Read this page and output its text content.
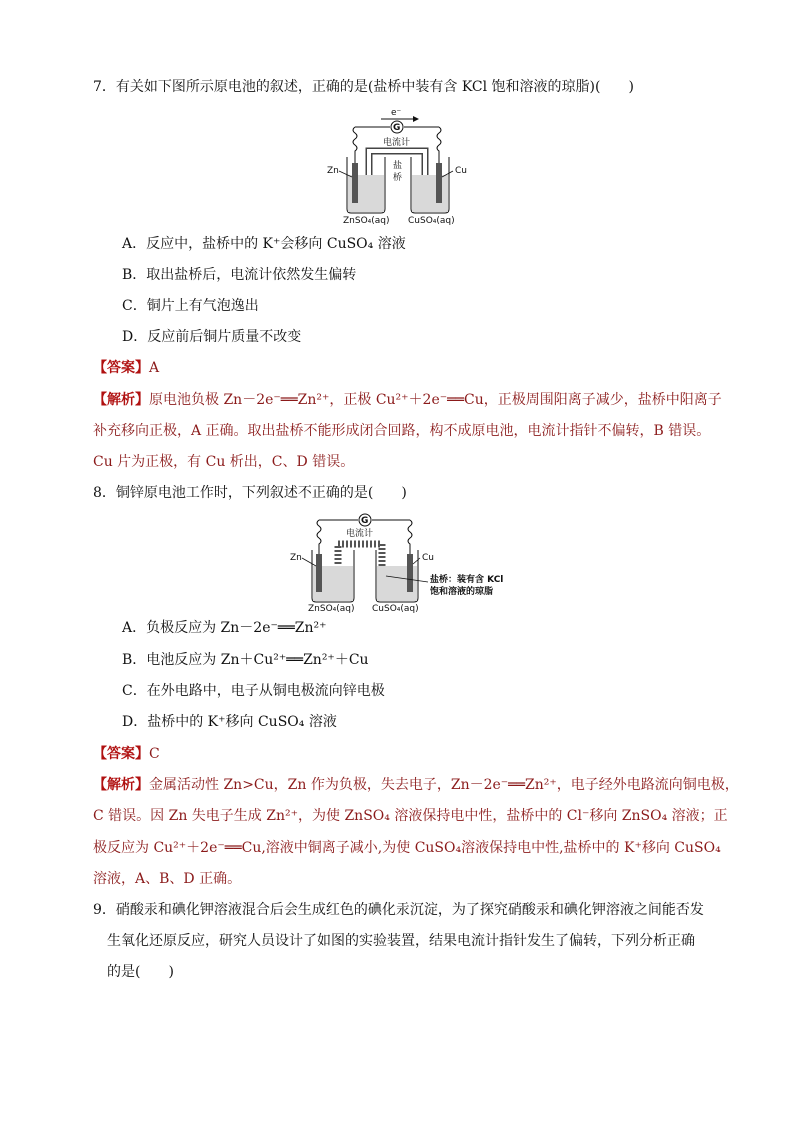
7．有关如下图所示原电池的叙述，正确的是(盐桥中装有含 KCl 饱和溶液的琼脂)(　　)
e⁻
G
电流计
盐
桥
Zn	Cu
ZnSO₄(aq) CuSO₄(aq)
A．反应中，盐桥中的 K⁺会移向 CuSO₄ 溶液
B．取出盐桥后，电流计依然发生偏转
C．铜片上有气泡逸出
D．反应前后铜片质量不改变
【答案】A
【解析】原电池负极 Zn－2e⁻══Zn²⁺，正极 Cu²⁺＋2e⁻══Cu，正极周围阳离子减少，盐桥中阳离子
补充移向正极，A 正确。取出盐桥不能形成闭合回路，构不成原电池，电流计指针不偏转，B 错误。
Cu 片为正极，有 Cu 析出，C、D 错误。
8．铜锌原电池工作时，下列叙述不正确的是(　　)
G
电流计
Zn	Cu
盐桥：装有含 KCl
饱和溶液的琼脂
ZnSO₄(aq) CuSO₄(aq)
A．负极反应为 Zn－2e⁻══Zn²⁺
B．电池反应为 Zn＋Cu²⁺══Zn²⁺＋Cu
C．在外电路中，电子从铜电极流向锌电极
D．盐桥中的 K⁺移向 CuSO₄ 溶液
【答案】C
【解析】金属活动性 Zn>Cu，Zn 作为负极，失去电子，Zn－2e⁻══Zn²⁺，电子经外电路流向铜电极，
C 错误。因 Zn 失电子生成 Zn²⁺，为使 ZnSO₄ 溶液保持电中性，盐桥中的 Cl⁻移向 ZnSO₄ 溶液；正
极反应为 Cu²⁺＋2e⁻══Cu,溶液中铜离子减小,为使 CuSO₄溶液保持电中性,盐桥中的 K⁺移向 CuSO₄
溶液，A、B、D 正确。
9．硝酸汞和碘化钾溶液混合后会生成红色的碘化汞沉淀，为了探究硝酸汞和碘化钾溶液之间能否发
生氧化还原反应，研究人员设计了如图的实验装置，结果电流计指针发生了偏转，下列分析正确
的是(　　)
